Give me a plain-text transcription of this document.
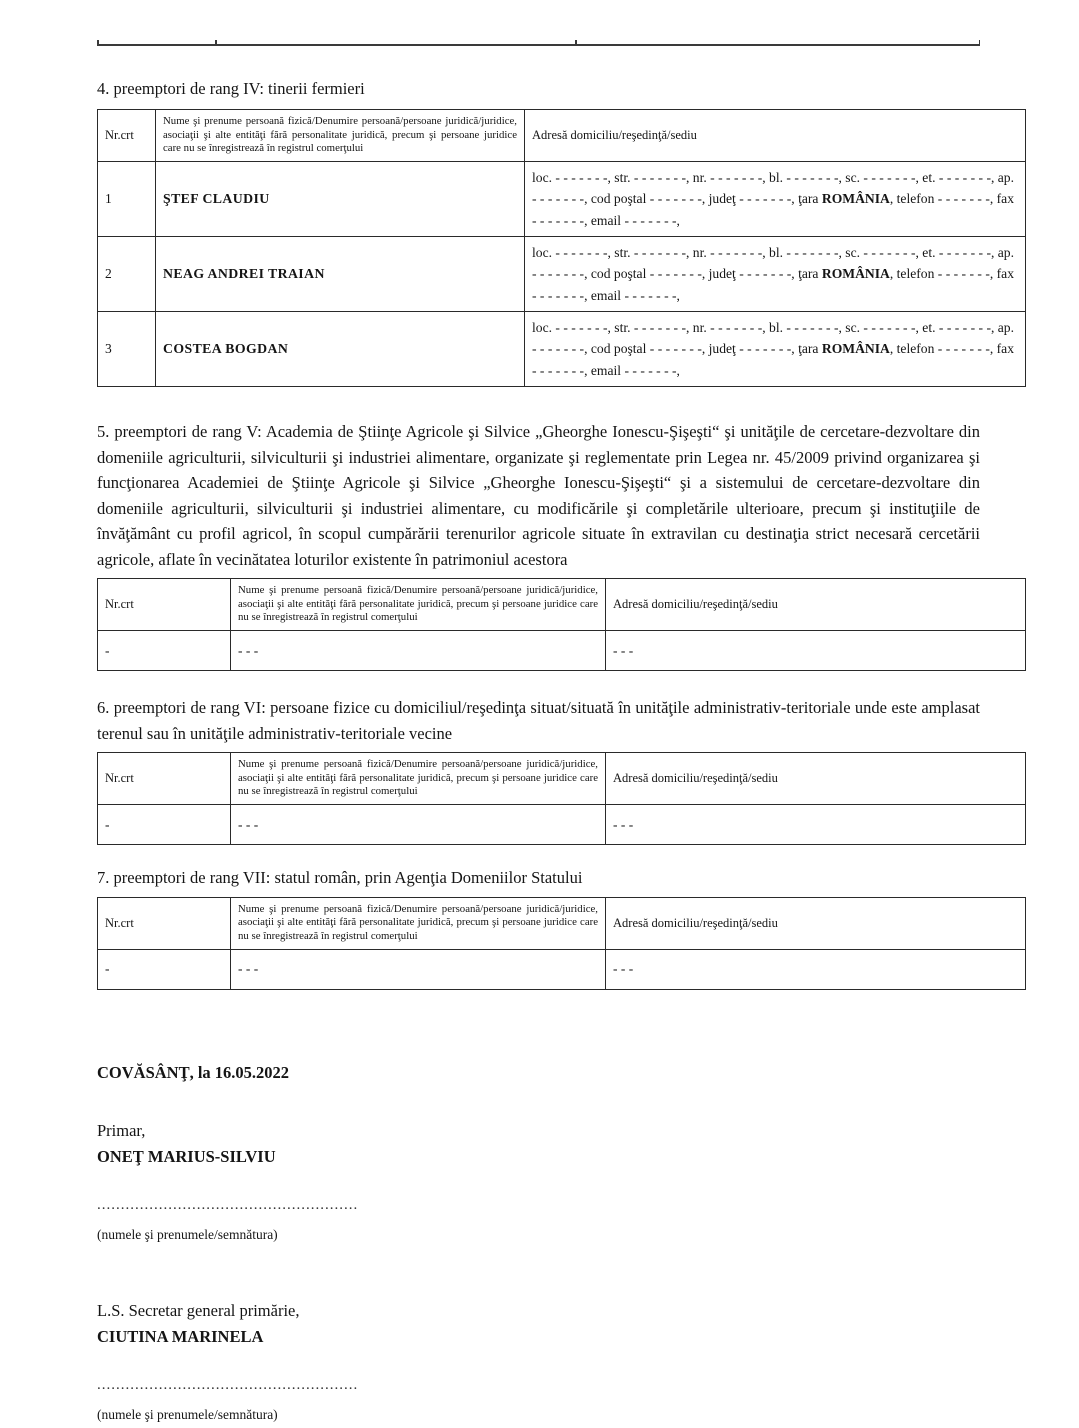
4. preemptori de rang IV: tinerii fermieri

Nr.crt	Nume şi prenume persoană fizică/Denumire persoană/persoane juridică/juridice, asociaţii şi alte entităţi fără personalitate juridică, precum şi persoane juridice care nu se înregistrează în registrul comerţului	Adresă domiciliu/reşedinţă/sediu
1	ŞTEF CLAUDIU	loc. - - - - - - -, str. - - - - - - -, nr. - - - - - - -, bl. - - - - - - -, sc. - - - - - - -, et. - - - - - - -, ap. - - - - - - -, cod poştal - - - - - - -, judeţ - - - - - - -, ţara ROMÂNIA, telefon - - - - - - -, fax - - - - - - -, email - - - - - - -,
2	NEAG ANDREI TRAIAN	loc. - - - - - - -, str. - - - - - - -, nr. - - - - - - -, bl. - - - - - - -, sc. - - - - - - -, et. - - - - - - -, ap. - - - - - - -, cod poştal - - - - - - -, judeţ - - - - - - -, ţara ROMÂNIA, telefon - - - - - - -, fax - - - - - - -, email - - - - - - -,
3	COSTEA BOGDAN	loc. - - - - - - -, str. - - - - - - -, nr. - - - - - - -, bl. - - - - - - -, sc. - - - - - - -, et. - - - - - - -, ap. - - - - - - -, cod poştal - - - - - - -, judeţ - - - - - - -, ţara ROMÂNIA, telefon - - - - - - -, fax - - - - - - -, email - - - - - - -,

5. preemptori de rang V: Academia de Ştiinţe Agricole şi Silvice „Gheorghe Ionescu-Şişeşti“ şi unităţile de cercetare-dezvoltare din domeniile agriculturii, silviculturii şi industriei alimentare, organizate şi reglementate prin Legea nr. 45/2009 privind organizarea şi funcţionarea Academiei de Ştiinţe Agricole şi Silvice „Gheorghe Ionescu-Şişeşti“ şi a sistemului de cercetare-dezvoltare din domeniile agriculturii, silviculturii şi industriei alimentare, cu modificările şi completările ulterioare, precum şi instituţiile de învăţământ cu profil agricol, în scopul cumpărării terenurilor agricole situate în extravilan cu destinaţia strict necesară cercetării agricole, aflate în vecinătatea loturilor existente în patrimoniul acestora

Nr.crt	Nume şi prenume persoană fizică/Denumire persoană/persoane juridică/juridice, asociaţii şi alte entităţi fără personalitate juridică, precum şi persoane juridice care nu se înregistrează în registrul comerţului	Adresă domiciliu/reşedinţă/sediu
-	- - -	- - -

6. preemptori de rang VI: persoane fizice cu domiciliul/reşedinţa situat/situată în unităţile administrativ-teritoriale unde este amplasat terenul sau în unităţile administrativ-teritoriale vecine

Nr.crt	Nume şi prenume persoană fizică/Denumire persoană/persoane juridică/juridice, asociaţii şi alte entităţi fără personalitate juridică, precum şi persoane juridice care nu se înregistrează în registrul comerţului	Adresă domiciliu/reşedinţă/sediu
-	- - -	- - -

7. preemptori de rang VII: statul român, prin Agenţia Domeniilor Statului

Nr.crt	Nume şi prenume persoană fizică/Denumire persoană/persoane juridică/juridice, asociaţii şi alte entităţi fără personalitate juridică, precum şi persoane juridice care nu se înregistrează în registrul comerţului	Adresă domiciliu/reşedinţă/sediu
-	- - -	- - -
COVĂSÂNŢ, la 16.05.2022
Primar,
ONEŢ MARIUS-SILVIU
.......................................................
(numele şi prenumele/semnătura)
L.S. Secretar general primărie,
CIUTINA MARINELA
.......................................................
(numele şi prenumele/semnătura)
